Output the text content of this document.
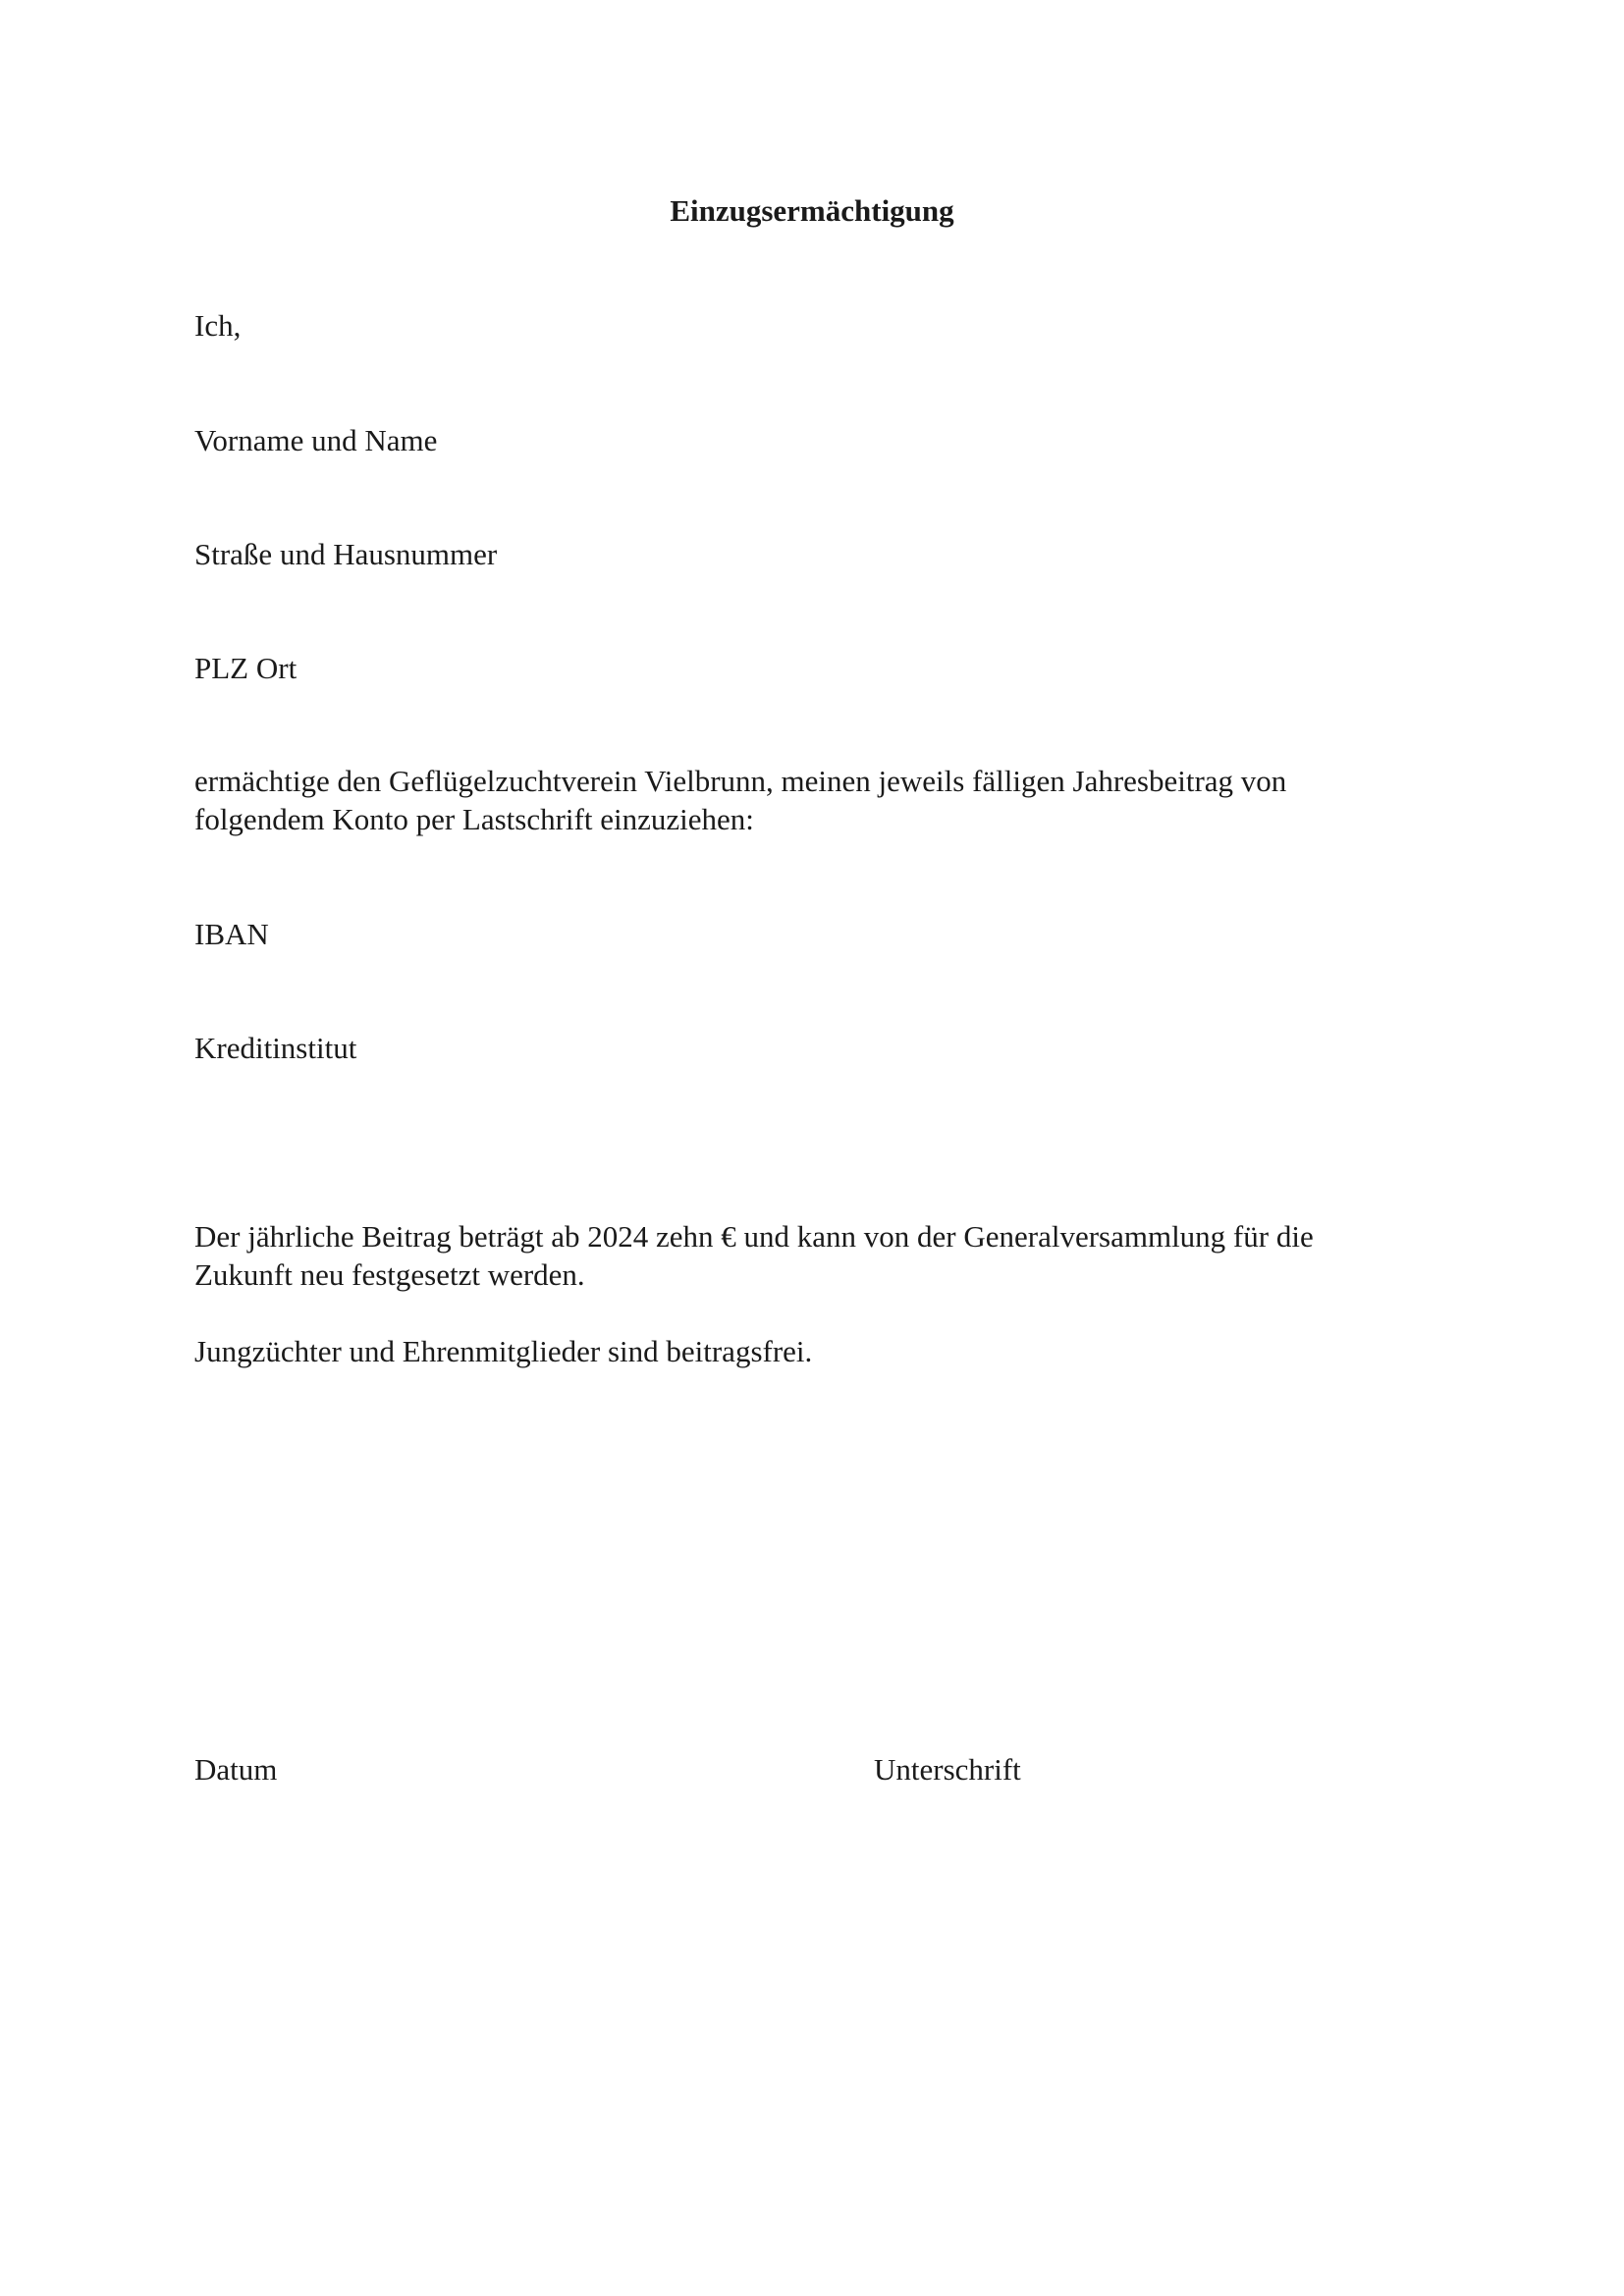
Einzugsermächtigung

Ich,

Vorname und Name

Straße und Hausnummer

PLZ Ort

ermächtige den Geflügelzuchtverein Vielbrunn, meinen jeweils fälligen Jahresbeitrag von

folgendem Konto per Lastschrift einzuziehen:

IBAN

Kreditinstitut

Der jährliche Beitrag beträgt ab 2024 zehn € und kann von der Generalversammlung für die

Zukunft neu festgesetzt werden.

Jungzüchter und Ehrenmitglieder sind beitragsfrei.

Datum	Unterschrift
